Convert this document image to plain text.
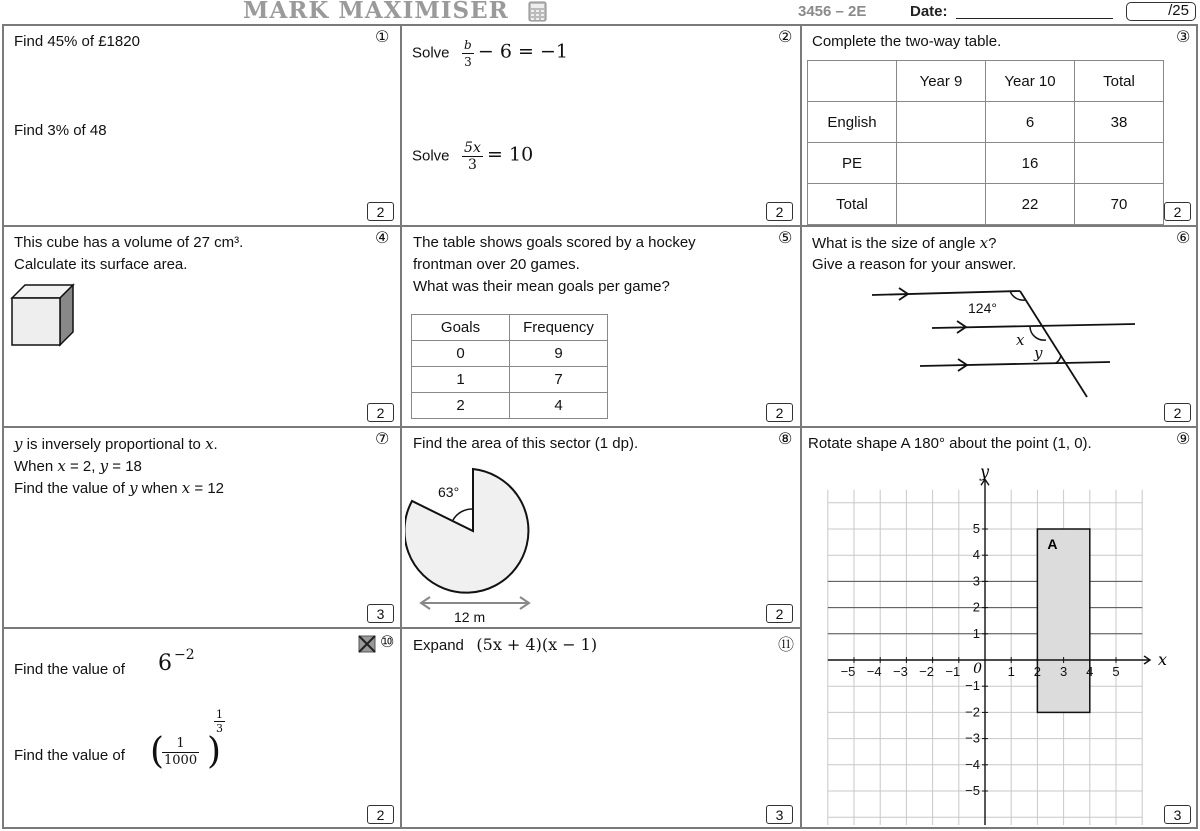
MARK MAXIMISER	3456 – 2E	Date:	/25
Find 45% of £1820
Find 3% of 48
①
2
Solve $\frac{b}{3} - 6 = -1$
Solve $\frac{5x}{3} = 10$
②
2
Complete the two-way table.	③
	Year 9	Year 10	Total
English		6	38
PE		16	
Total		22	70	2
This cube has a volume of 27 cm³.
Calculate its surface area.
④
2
The table shows goals scored by a hockey
frontman over 20 games.
What was their mean goals per game?
⑤
Goals	Frequency
0	9
1	7
2	4	2
What is the size of angle x?
Give a reason for your answer.
⑥
124°
x
y
2
y is inversely proportional to x.
When x = 2, y = 18
Find the value of y when x = 12
⑦
3
Find the area of this sector (1 dp).	⑧
63°
12 m	2
Rotate shape A 180° about the point (1, 0).	⑨
−5 −4 −3 −2 −1	1 2 3 4 5
5
4
3
2
1
−1
−2
−3
−4
−5
0	x
y
A
3
⑩
Find the value of 6 −2
Find the value of (
$\frac{1}{1000}$ )
$\frac{1}{3}$
2
Expand (5x + 4)(x − 1)	⑪
3
